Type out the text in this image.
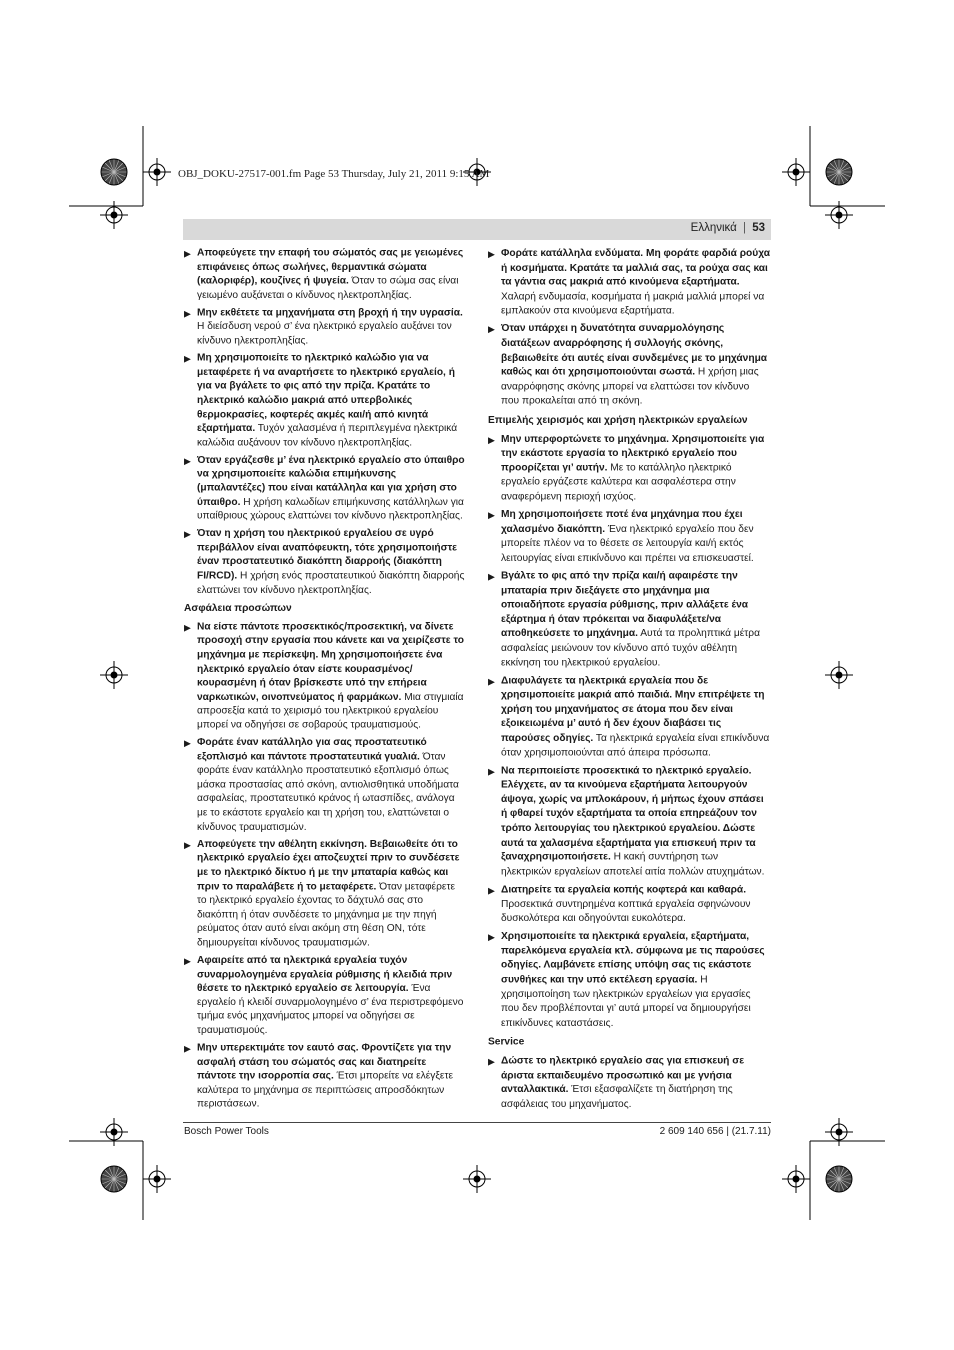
OBJ_DOKU-27517-001.fm Page 53 Thursday, July 21, 2011 9:15 AM
Ελληνικά | 53
▶ Αποφεύγετε την επαφή του σώματός σας με γειωμένες επιφάνειες όπως σωλήνες, θερμαντικά σώματα (καλοριφέρ), κουζίνες ή ψυγεία. Όταν το σώμα σας είναι γειωμένο αυξάνεται ο κίνδυνος ηλεκτροπληξίας.
▶ Μην εκθέτετε τα μηχανήματα στη βροχή ή την υγρασία. Η διείσδυση νερού σ’ ένα ηλεκτρικό εργαλείο αυξάνει τον κίνδυνο ηλεκτροπληξίας.
▶ Μη χρησιμοποιείτε το ηλεκτρικό καλώδιο για να μεταφέρετε ή να αναρτήσετε το ηλεκτρικό εργαλείο, ή για να βγάλετε το φις από την πρίζα. Κρατάτε το ηλεκτρικό καλώδιο μακριά από υπερβολικές θερμοκρασίες, κοφτερές ακμές και/ή από κινητά εξαρτήματα. Τυχόν χαλασμένα ή περιπλεγμένα ηλεκτρικά καλώδια αυξάνουν τον κίνδυνο ηλεκτροπληξίας.
▶ Όταν εργάζεσθε μ’ ένα ηλεκτρικό εργαλείο στο ύπαιθρο να χρησιμοποιείτε καλώδια επιμήκυνσης (μπαλαντέζες) που είναι κατάλληλα και για χρήση στο ύπαιθρο. Η χρήση καλωδίων επιμήκυνσης κατάλληλων για υπαίθριους χώρους ελαττώνει τον κίνδυνο ηλεκτροπληξίας.
▶ Όταν η χρήση του ηλεκτρικού εργαλείου σε υγρό περιβάλλον είναι αναπόφευκτη, τότε χρησιμοποιήστε έναν προστατευτικό διακόπτη διαρροής (διακόπτη FI/RCD). Η χρήση ενός προστατευτικού διακόπτη διαρροής ελαττώνει τον κίνδυνο ηλεκτροπληξίας.
Ασφάλεια προσώπων
▶ Να είστε πάντοτε προσεκτικός/προσεκτική, να δίνετε προσοχή στην εργασία που κάνετε και να χειρίζεστε το μηχάνημα με περίσκεψη. Μη χρησιμοποιήσετε ένα ηλεκτρικό εργαλείο όταν είστε κουρασμένος/κουρασμένη ή όταν βρίσκεστε υπό την επήρεια ναρκωτικών, οινοπνεύματος ή φαρμάκων. Μια στιγμιαία απροσεξία κατά το χειρισμό του ηλεκτρικού εργαλείου μπορεί να οδηγήσει σε σοβαρούς τραυματισμούς.
▶ Φοράτε έναν κατάλληλο για σας προστατευτικό εξοπλισμό και πάντοτε προστατευτικά γυαλιά. Όταν φοράτε έναν κατάλληλο προστατευτικό εξοπλισμό όπως μάσκα προστασίας από σκόνη, αντιολισθητικά υποδήματα ασφαλείας, προστατευτικό κράνος ή ωτασπίδες, ανάλογα με το εκάστοτε εργαλείο και τη χρήση του, ελαττώνεται ο κίνδυνος τραυματισμών.
▶ Αποφεύγετε την αθέλητη εκκίνηση. Βεβαιωθείτε ότι το ηλεκτρικό εργαλείο έχει αποζευχτεί πριν το συνδέσετε με το ηλεκτρικό δίκτυο ή με την μπαταρία καθώς και πριν το παραλάβετε ή το μεταφέρετε. Όταν μεταφέρετε το ηλεκτρικό εργαλείο έχοντας το δάχτυλό σας στο διακόπτη ή όταν συνδέσετε το μηχάνημα με την πηγή ρεύματος όταν αυτό είναι ακόμη στη θέση ON, τότε δημιουργείται κίνδυνος τραυματισμών.
▶ Αφαιρείτε από τα ηλεκτρικά εργαλεία τυχόν συναρμολογημένα εργαλεία ρύθμισης ή κλειδιά πριν θέσετε το ηλεκτρικό εργαλείο σε λειτουργία. Ένα εργαλείο ή κλειδί συναρμολογημένο σ’ ένα περιστρεφόμενο τμήμα ενός μηχανήματος μπορεί να οδηγήσει σε τραυματισμούς.
▶ Μην υπερεκτιμάτε τον εαυτό σας. Φροντίζετε για την ασφαλή στάση του σώματός σας και διατηρείτε πάντοτε την ισορροπία σας. Έτσι μπορείτε να ελέγξετε καλύτερα το μηχάνημα σε περιπτώσεις απροσδόκητων περιστάσεων.
▶ Φοράτε κατάλληλα ενδύματα. Μη φοράτε φαρδιά ρούχα ή κοσμήματα. Κρατάτε τα μαλλιά σας, τα ρούχα σας και τα γάντια σας μακριά από κινούμενα εξαρτήματα. Χαλαρή ενδυμασία, κοσμήματα ή μακριά μαλλιά μπορεί να εμπλακούν στα κινούμενα εξαρτήματα.
▶ Όταν υπάρχει η δυνατότητα συναρμολόγησης διατάξεων αναρρόφησης ή συλλογής σκόνης, βεβαιωθείτε ότι αυτές είναι συνδεμένες με το μηχάνημα καθώς και ότι χρησιμοποιούνται σωστά. Η χρήση μιας αναρρόφησης σκόνης μπορεί να ελαττώσει τον κίνδυνο που προκαλείται από τη σκόνη.
Επιμελής χειρισμός και χρήση ηλεκτρικών εργαλείων
▶ Μην υπερφορτώνετε το μηχάνημα. Χρησιμοποιείτε για την εκάστοτε εργασία το ηλεκτρικό εργαλείο που προορίζεται γι’ αυτήν. Με το κατάλληλο ηλεκτρικό εργαλείο εργάζεστε καλύτερα και ασφαλέστερα στην αναφερόμενη περιοχή ισχύος.
▶ Μη χρησιμοποιήσετε ποτέ ένα μηχάνημα που έχει χαλασμένο διακόπτη. Ένα ηλεκτρικό εργαλείο που δεν μπορείτε πλέον να το θέσετε σε λειτουργία και/ή εκτός λειτουργίας είναι επικίνδυνο και πρέπει να επισκευαστεί.
▶ Βγάλτε το φις από την πρίζα και/ή αφαιρέστε την μπαταρία πριν διεξάγετε στο μηχάνημα μια οποιαδήποτε εργασία ρύθμισης, πριν αλλάξετε ένα εξάρτημα ή όταν πρόκειται να διαφυλάξετε/να αποθηκεύσετε το μηχάνημα. Αυτά τα προληπτικά μέτρα ασφαλείας μειώνουν τον κίνδυνο από τυχόν αθέλητη εκκίνηση του ηλεκτρικού εργαλείου.
▶ Διαφυλάγετε τα ηλεκτρικά εργαλεία που δε χρησιμοποιείτε μακριά από παιδιά. Μην επιτρέψετε τη χρήση του μηχανήματος σε άτομα που δεν είναι εξοικειωμένα μ’ αυτό ή δεν έχουν διαβάσει τις παρούσες οδηγίες. Τα ηλεκτρικά εργαλεία είναι επικίνδυνα όταν χρησιμοποιούνται από άπειρα πρόσωπα.
▶ Να περιποιείστε προσεκτικά το ηλεκτρικό εργαλείο. Ελέγχετε, αν τα κινούμενα εξαρτήματα λειτουργούν άψογα, χωρίς να μπλοκάρουν, ή μήπως έχουν σπάσει ή φθαρεί τυχόν εξαρτήματα τα οποία επηρεάζουν τον τρόπο λειτουργίας του ηλεκτρικού εργαλείου. Δώστε αυτά τα χαλασμένα εξαρτήματα για επισκευή πριν τα ξαναχρησιμοποιήσετε. Η κακή συντήρηση των ηλεκτρικών εργαλείων αποτελεί αιτία πολλών ατυχημάτων.
▶ Διατηρείτε τα εργαλεία κοπής κοφτερά και καθαρά. Προσεκτικά συντηρημένα κοπτικά εργαλεία σφηνώνουν δυσκολότερα και οδηγούνται ευκολότερα.
▶ Χρησιμοποιείτε τα ηλεκτρικά εργαλεία, εξαρτήματα, παρελκόμενα εργαλεία κτλ. σύμφωνα με τις παρούσες οδηγίες. Λαμβάνετε επίσης υπόψη σας τις εκάστοτε συνθήκες και την υπό εκτέλεση εργασία. Η χρησιμοποίηση των ηλεκτρικών εργαλείων για εργασίες που δεν προβλέπονται γι’ αυτά μπορεί να δημιουργήσει επικίνδυνες καταστάσεις.
Service
▶ Δώστε το ηλεκτρικό εργαλείο σας για επισκευή σε άριστα εκπαιδευμένο προσωπικό και με γνήσια ανταλλακτικά. Έτσι εξασφαλίζετε τη διατήρηση της ασφάλειας του μηχανήματος.
Bosch Power Tools	2 609 140 656 | (21.7.11)
